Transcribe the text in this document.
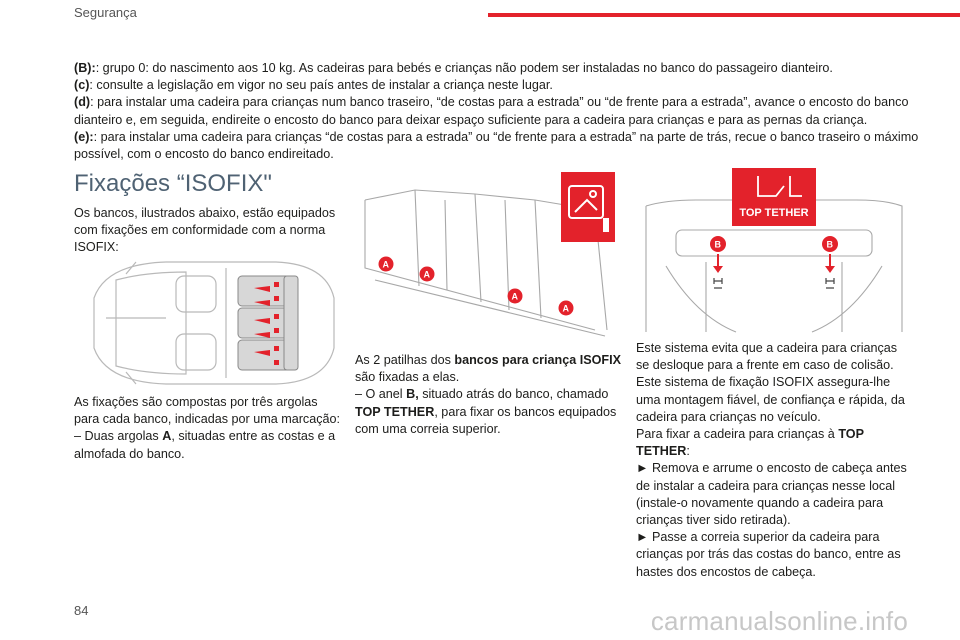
Segurança

(B):: grupo 0: do nascimento aos 10 kg. As cadeiras para bebés e crianças não podem ser instaladas no banco do passageiro dianteiro.

(c): consulte a legislação em vigor no seu país antes de instalar a criança neste lugar.

(d): para instalar uma cadeira para crianças num banco traseiro, “de costas para a estrada” ou “de frente para a estrada”, avance o encosto do banco dianteiro e, em seguida, endireite o encosto do banco para deixar espaço suficiente para a cadeira para crianças e para as pernas da criança.

(e):: para instalar uma cadeira para crianças “de costas para a estrada” ou “de frente para a estrada” na parte de trás, recue o banco traseiro o máximo possível, com o encosto do banco endireitado.

Fixações “ISOFIX"

Os bancos, ilustrados abaixo, estão equipados com fixações em conformidade com a norma ISOFIX:

As fixações são compostas por três argolas para cada banco, indicadas por uma marcação:

– Duas argolas A, situadas entre as costas e a almofada do banco.

A
A
A
A

As 2 patilhas dos bancos para criança ISOFIX são fixadas a elas.

– O anel B, situado atrás do banco, chamado TOP TETHER, para fixar os bancos equipados com uma correia superior.

TOP TETHER
B	B

Este sistema evita que a cadeira para crianças se desloque para a frente em caso de colisão.

Este sistema de fixação ISOFIX assegura-lhe uma montagem fiável, de confiança e rápida, da cadeira para crianças no veículo.

Para fixar a cadeira para crianças à TOP TETHER:

► Remova e arrume o encosto de cabeça antes de instalar a cadeira para crianças nesse local (instale-o novamente quando a cadeira para crianças tiver sido retirada).

► Passe a correia superior da cadeira para crianças por trás das costas do banco, entre as hastes dos encostos de cabeça.

84	carmanualsonline.info
